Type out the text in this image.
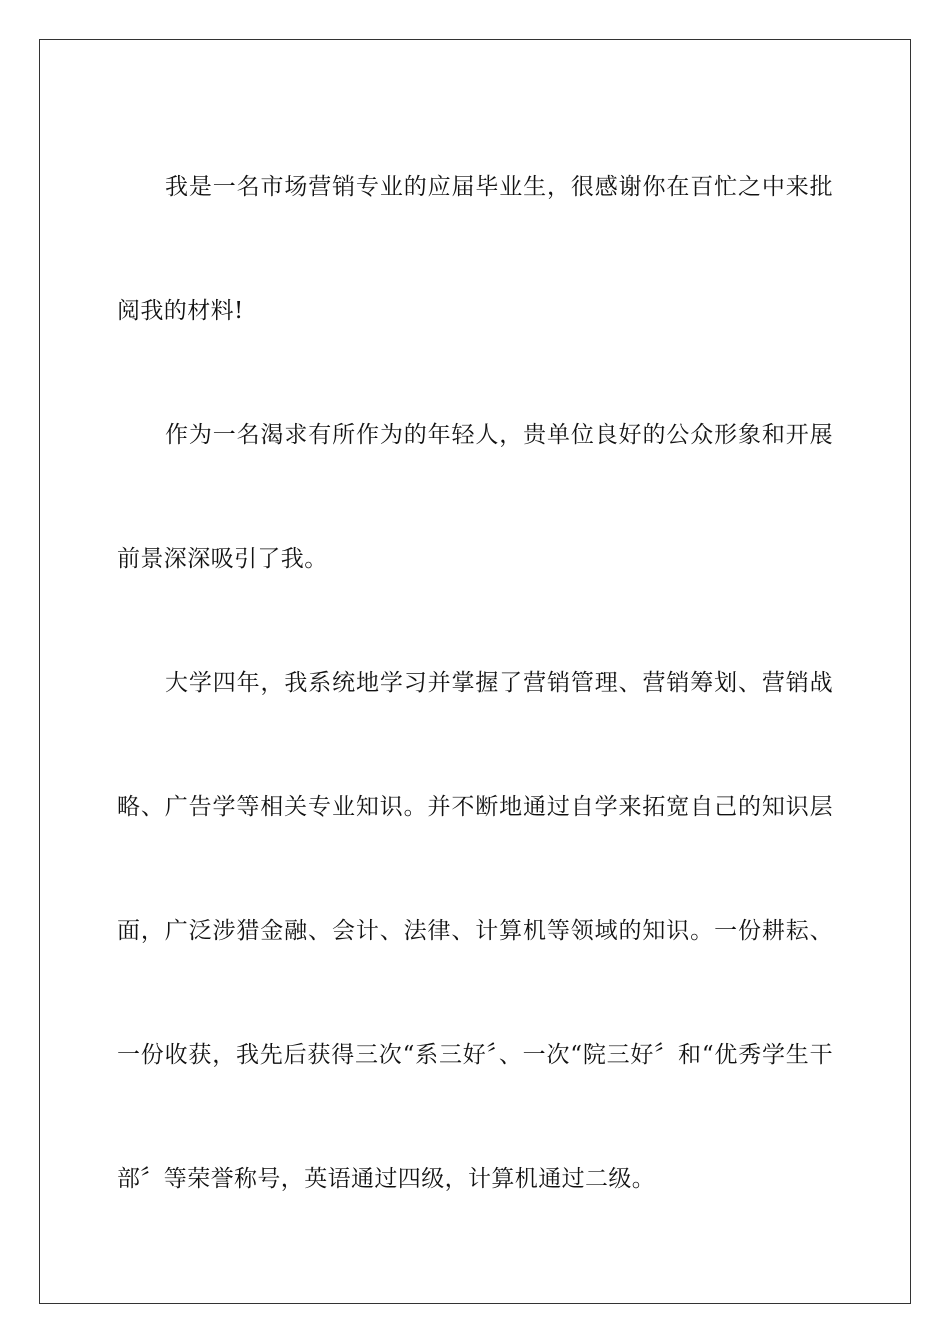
我是一名市场营销专业的应届毕业生，很感谢你在百忙之中来批阅我的材料!

作为一名渴求有所作为的年轻人，贵单位良好的公众形象和开展前景深深吸引了我。

大学四年，我系统地学习并掌握了营销管理、营销筹划、营销战略、广告学等相关专业知识。并不断地通过自学来拓宽自己的知识层面，广泛涉猎金融、会计、法律、计算机等领域的知识。一份耕耘、一份收获，我先后获得三次“系三好〞、一次“院三好〞和“优秀学生干部〞等荣誉称号，英语通过四级，计算机通过二级。
